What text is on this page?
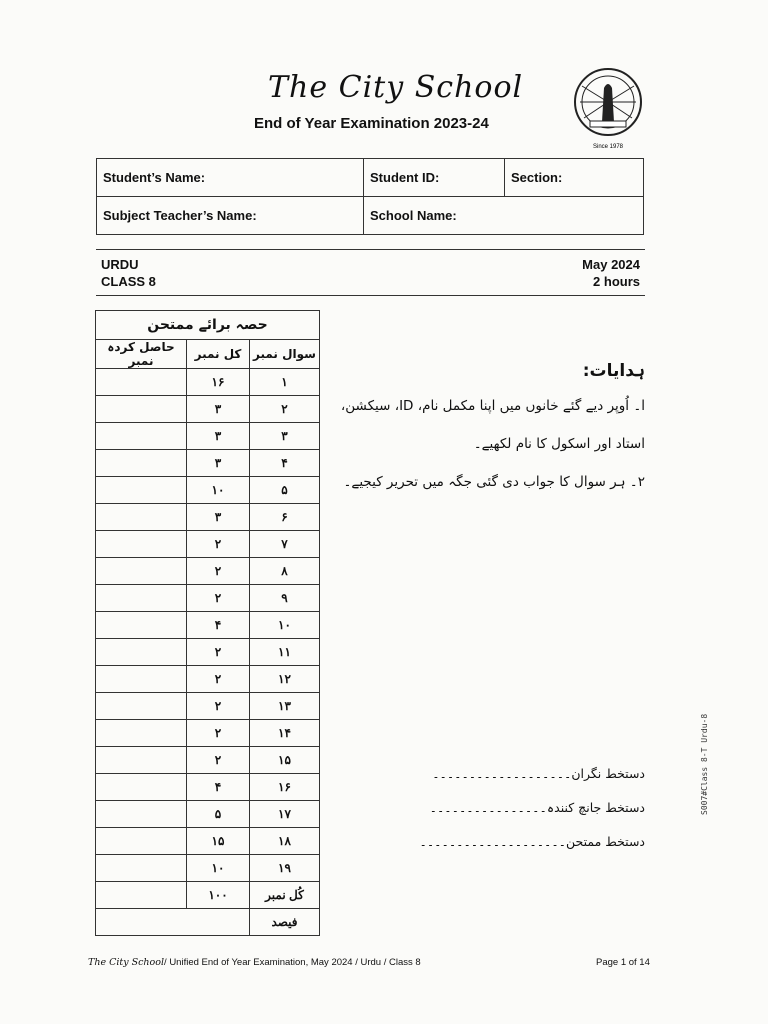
The City School
End of Year Examination 2023-24
Since 1978
Student’s Name:	Student ID:	Section:
Subject Teacher’s Name:	School Name:	
URDU
CLASS 8
May 2024
2 hours
حصہ برائے ممتحن		
حاصل کردہ نمبر	کل نمبر	سوال نمبر
	۱۶	۱
	۳	۲
	۳	۳
	۳	۴
	۱۰	۵
	۳	۶
	۲	۷
	۲	۸
	۲	۹
	۴	۱۰
	۲	۱۱
	۲	۱۲
	۲	۱۳
	۲	۱۴
	۲	۱۵
	۴	۱۶
	۵	۱۷
	۱۵	۱۸
	۱۰	۱۹
	۱۰۰	کُل نمبر
		فیصد
ہدایات:
ا۔ اُوپر دیے گئے خانوں میں اپنا مکمل نام، ID، سیکشن،
استاد اور اسکول کا نام لکھیے۔
۲۔ ہر سوال کا جواب دی گئی جگہ میں تحریر کیجیے۔
دستخط نگران۔۔۔۔۔۔۔۔۔۔۔۔۔۔۔۔۔۔۔
دستخط جانچ کنندہ۔۔۔۔۔۔۔۔۔۔۔۔۔۔۔۔
دستخط ممتحن۔۔۔۔۔۔۔۔۔۔۔۔۔۔۔۔۔۔۔۔
The City School/ Unified End of Year Examination, May 2024 / Urdu / Class 8	Page 1 of 14
S007#Class 8-T Urdu-8
